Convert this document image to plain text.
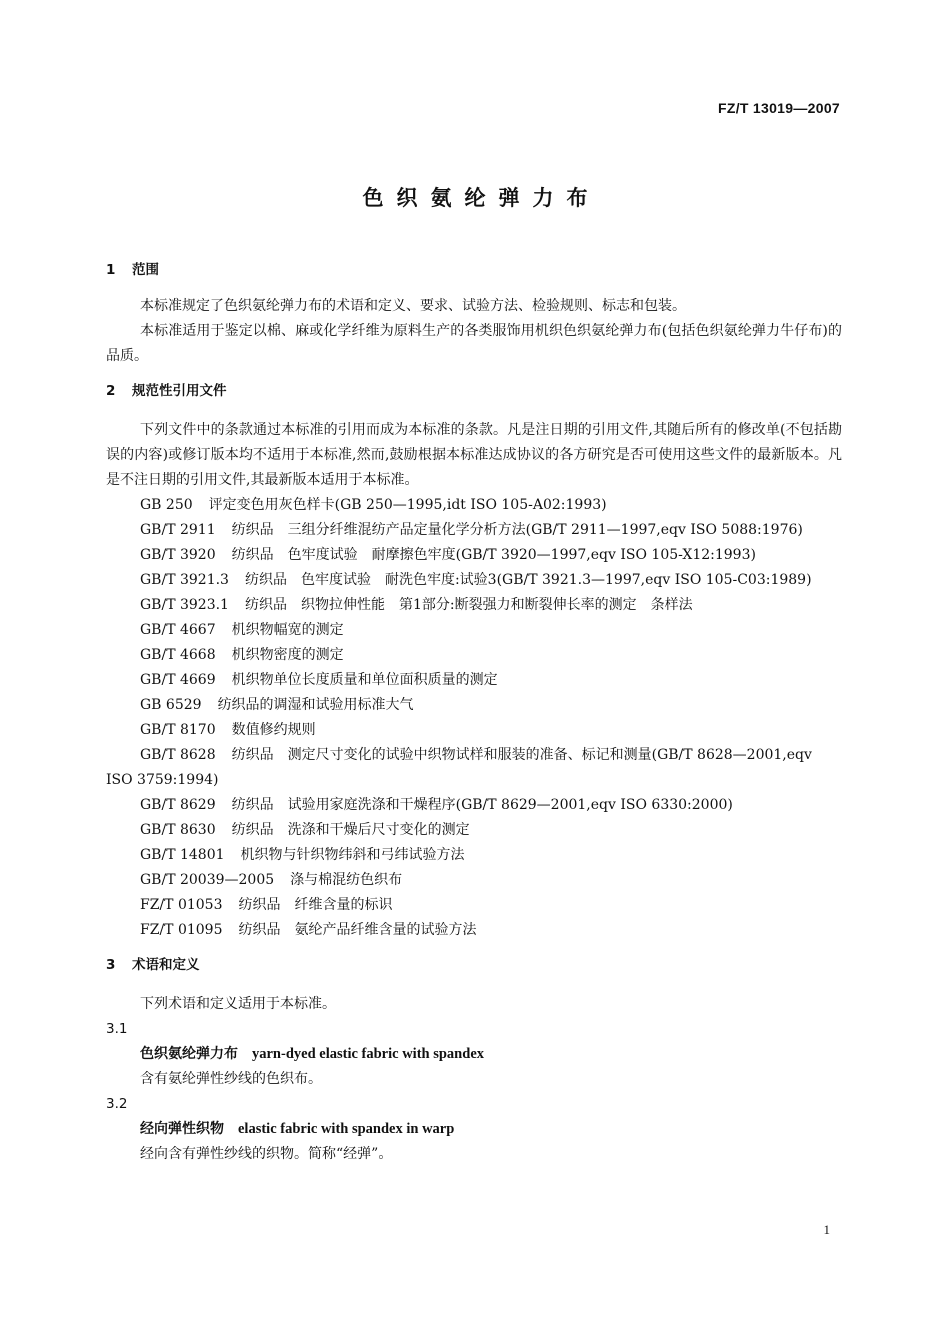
FZ/T 13019—2007
色织氨纶弹力布
1 范围

本标准规定了色织氨纶弹力布的术语和定义、要求、试验方法、检验规则、标志和包装。

本标准适用于鉴定以棉、麻或化学纤维为原料生产的各类服饰用机织色织氨纶弹力布(包括色织氨纶弹力牛仔布)的品质。

2 规范性引用文件

下列文件中的条款通过本标准的引用而成为本标准的条款。凡是注日期的引用文件,其随后所有的修改单(不包括勘误的内容)或修订版本均不适用于本标准,然而,鼓励根据本标准达成协议的各方研究是否可使用这些文件的最新版本。凡是不注日期的引用文件,其最新版本适用于本标准。

GB 250 评定变色用灰色样卡(GB 250—1995,idt ISO 105-A02:1993)
GB/T 2911 纺织品　三组分纤维混纺产品定量化学分析方法(GB/T 2911—1997,eqv ISO 5088:1976)
GB/T 3920 纺织品　色牢度试验　耐摩擦色牢度(GB/T 3920—1997,eqv ISO 105-X12:1993)
GB/T 3921.3 纺织品　色牢度试验　耐洗色牢度:试验3(GB/T 3921.3—1997,eqv ISO 105-C03:1989)
GB/T 3923.1 纺织品　织物拉伸性能　第1部分:断裂强力和断裂伸长率的测定　条样法
GB/T 4667 机织物幅宽的测定
GB/T 4668 机织物密度的测定
GB/T 4669 机织物单位长度质量和单位面积质量的测定
GB 6529 纺织品的调湿和试验用标准大气
GB/T 8170 数值修约规则
GB/T 8628 纺织品　测定尺寸变化的试验中织物试样和服装的准备、标记和测量(GB/T 8628—2001,eqv ISO 3759:1994)
GB/T 8629 纺织品　试验用家庭洗涤和干燥程序(GB/T 8629—2001,eqv ISO 6330:2000)
GB/T 8630 纺织品　洗涤和干燥后尺寸变化的测定
GB/T 14801 机织物与针织物纬斜和弓纬试验方法
GB/T 20039—2005 涤与棉混纺色织布
FZ/T 01053 纺织品　纤维含量的标识
FZ/T 01095 纺织品　氨纶产品纤维含量的试验方法
3 术语和定义

下列术语和定义适用于本标准。

3.1
色织氨纶弹力布 yarn-dyed elastic fabric with spandex
含有氨纶弹性纱线的色织布。
3.2
经向弹性织物 elastic fabric with spandex in warp
经向含有弹性纱线的织物。简称“经弹”。
1
